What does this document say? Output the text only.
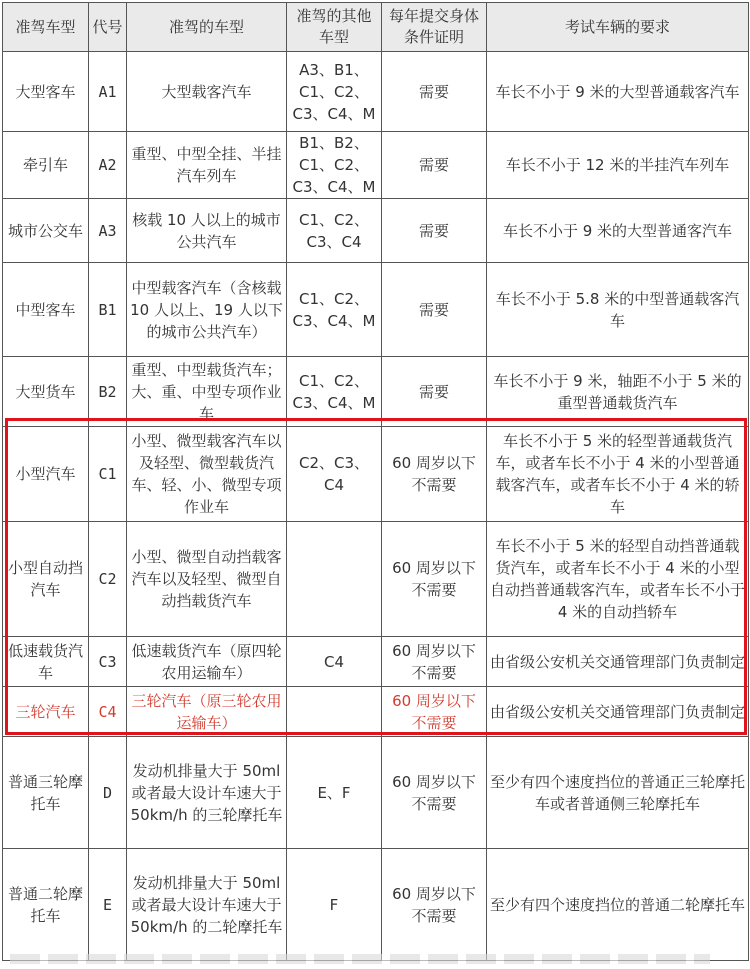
准驾车型	代号	准驾的车型	准驾的其他车型	每年提交身体条件证明	考试车辆的要求
大型客车	A1	大型载客汽车	A3、B1、C1、C2、C3、C4、M	需要	车长不小于 9 米的大型普通载客汽车
牵引车	A2	重型、中型全挂、半挂汽车列车	B1、B2、C1、C2、C3、C4、M	需要	车长不小于 12 米的半挂汽车列车
城市公交车	A3	核载 10 人以上的城市公共汽车	C1、C2、C3、C4	需要	车长不小于 9 米的大型普通客汽车
中型客车	B1	中型载客汽车（含核载 10 人以上、19 人以下的城市公共汽车）	C1、C2、C3、C4、M	需要	车长不小于 5.8 米的中型普通载客汽车
大型货车	B2	重型、中型载货汽车；大、重、中型专项作业车	C1、C2、C3、C4、M	需要	车长不小于 9 米，轴距不小于 5 米的重型普通载货汽车
小型汽车	C1	小型、微型载客汽车以及轻型、微型载货汽车、轻、小、微型专项作业车	C2、C3、C4	60 周岁以下不需要	车长不小于 5 米的轻型普通载货汽车，或者车长不小于 4 米的小型普通载客汽车，或者车长不小于 4 米的轿车
小型自动挡汽车	C2	小型、微型自动挡载客汽车以及轻型、微型自动挡载货汽车		60 周岁以下不需要	车长不小于 5 米的轻型自动挡普通载货汽车，或者车长不小于 4 米的小型自动挡普通载客汽车，或者车长不小于 4 米的自动挡轿车
低速载货汽车	C3	低速载货汽车（原四轮农用运输车）	C4	60 周岁以下不需要	由省级公安机关交通管理部门负责制定
三轮汽车	C4	三轮汽车（原三轮农用运输车）		60 周岁以下不需要	由省级公安机关交通管理部门负责制定
普通三轮摩托车	D	发动机排量大于 50ml 或者最大设计车速大于 50km/h 的三轮摩托车	E、F	60 周岁以下不需要	至少有四个速度挡位的普通正三轮摩托车或者普通侧三轮摩托车
普通二轮摩托车	E	发动机排量大于 50ml 或者最大设计车速大于 50km/h 的二轮摩托车	F	60 周岁以下不需要	至少有四个速度挡位的普通二轮摩托车
